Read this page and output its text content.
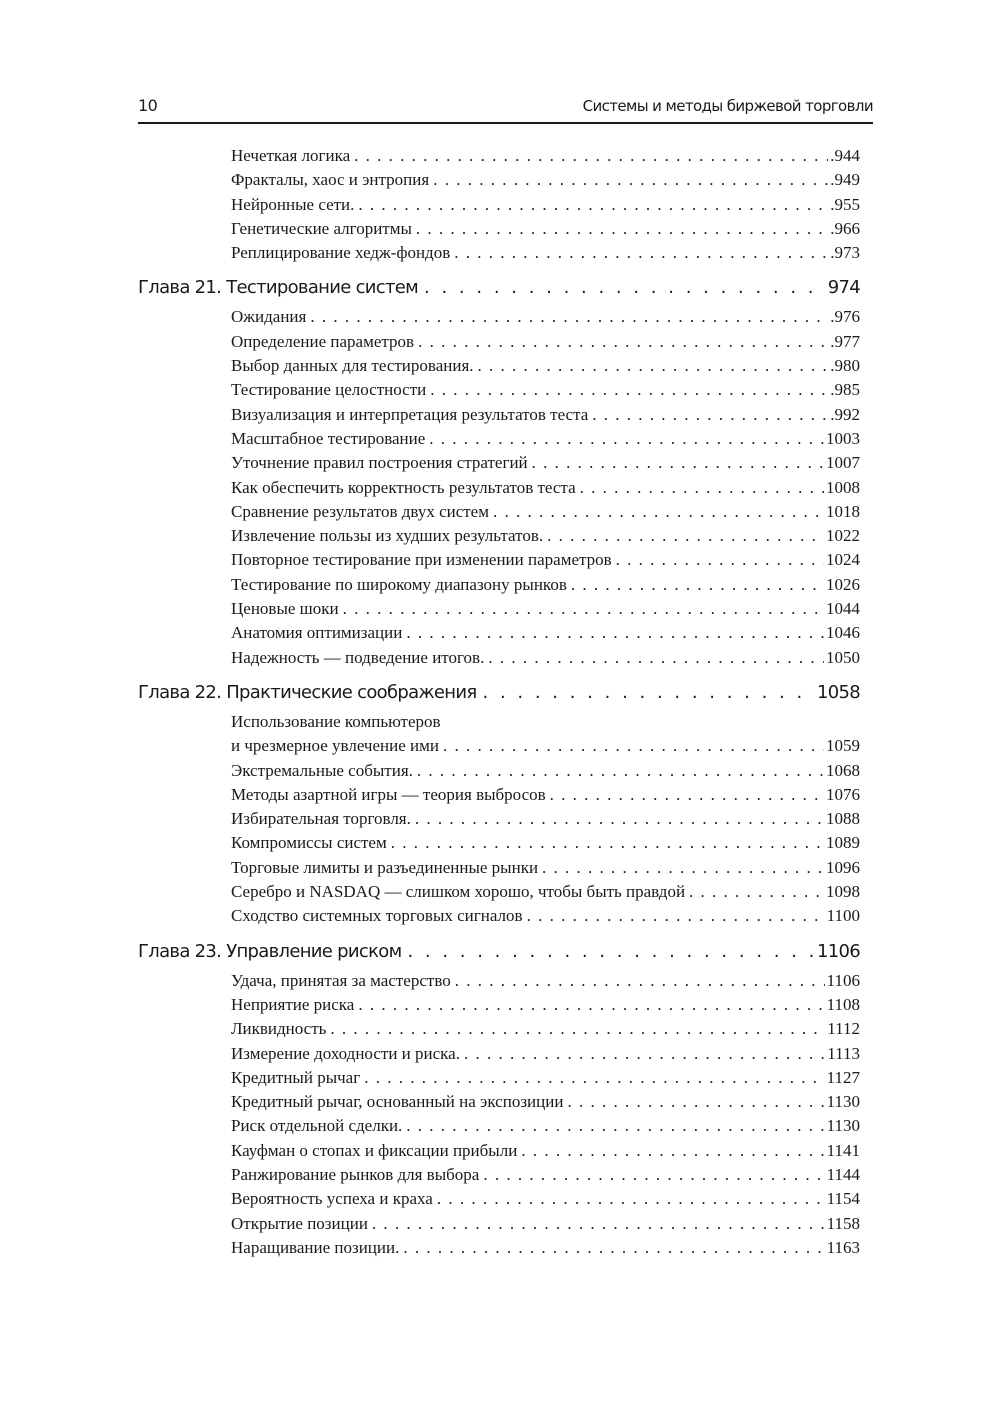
10	Системы и методы биржевой торговли
Нечеткая логика . . .	.944
Фракталы, хаос и энтропия . . .	.949
Нейронные сети. . . .	.955
Генетические алгоритмы . . .	.966
Реплицирование хедж-фондов . . .	.973
Глава 21. Тестирование систем . . .	974
Ожидания . . .	.976
Определение параметров . . .	.977
Выбор данных для тестирования. . . .	.980
Тестирование целостности . . .	.985
Визуализация и интерпретация результатов теста . . .	.992
Масштабное тестирование . . .	1003
Уточнение правил построения стратегий . . .	1007
Как обеспечить корректность результатов теста . . .	1008
Сравнение результатов двух систем . . .	1018
Извлечение пользы из худших результатов. . . .	1022
Повторное тестирование при изменении параметров . . .	1024
Тестирование по широкому диапазону рынков . . .	1026
Ценовые шоки . . .	1044
Анатомия оптимизации . . .	1046
Надежность — подведение итогов. . . .	1050
Глава 22. Практические соображения . . .	1058
Использование компьютеров
и чрезмерное увлечение ими . . .	1059
Экстремальные события. . . .	1068
Методы азартной игры — теория выбросов . . .	1076
Избирательная торговля. . . .	1088
Компромиссы систем . . .	1089
Торговые лимиты и разъединенные рынки . . .	1096
Серебро и NASDAQ — слишком хорошо, чтобы быть правдой . . .	1098
Сходство системных торговых сигналов . . .	1100
Глава 23. Управление риском . . .	1106
Удача, принятая за мастерство . . .	1106
Неприятие риска . . .	1108
Ликвидность . . .	1112
Измерение доходности и риска. . . .	1113
Кредитный рычаг . . .	1127
Кредитный рычаг, основанный на экспозиции . . .	1130
Риск отдельной сделки. . . .	1130
Кауфман о стопах и фиксации прибыли . . .	1141
Ранжирование рынков для выбора . . .	1144
Вероятность успеха и краха . . .	1154
Открытие позиции . . .	1158
Наращивание позиции. . . .	1163
